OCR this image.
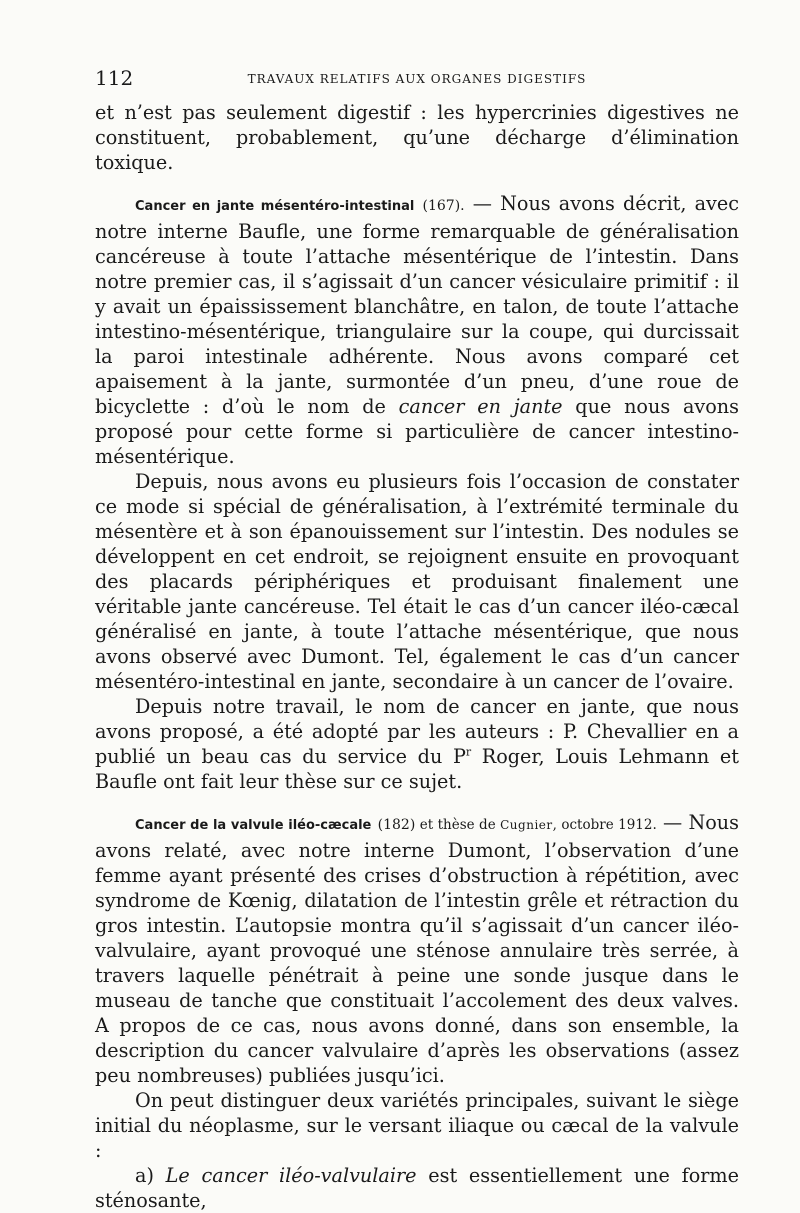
112	TRAVAUX RELATIFS AUX ORGANES DIGESTIFS

et n’est pas seulement digestif : les hypercrinies digestives ne constituent, probablement, qu’une décharge d’élimination toxique.

Cancer en jante mésentéro-intestinal (167). — Nous avons décrit, avec notre interne Baufle, une forme remarquable de généralisation cancéreuse à toute l’attache mésentérique de l’intestin. Dans notre premier cas, il s’agissait d’un cancer vésiculaire primitif : il y avait un épaississement blanchâtre, en talon, de toute l’attache intestino-mésentérique, triangulaire sur la coupe, qui durcissait la paroi intestinale adhérente. Nous avons comparé cet apaisement à la jante, surmontée d’un pneu, d’une roue de bicyclette : d’où le nom de cancer en jante que nous avons proposé pour cette forme si particulière de cancer intestino-mésentérique.

Depuis, nous avons eu plusieurs fois l’occasion de constater ce mode si spécial de généralisation, à l’extrémité terminale du mésentère et à son épanouissement sur l’intestin. Des nodules se développent en cet endroit, se rejoignent ensuite en provoquant des placards périphériques et produisant finalement une véritable jante cancéreuse. Tel était le cas d’un cancer iléo-cæcal généralisé en jante, à toute l’attache mésentérique, que nous avons observé avec Dumont. Tel, également le cas d’un cancer mésentéro-intestinal en jante, secondaire à un cancer de l’ovaire.

Depuis notre travail, le nom de cancer en jante, que nous avons proposé, a été adopté par les auteurs : P. Chevallier en a publié un beau cas du service du $P^r$ Roger, Louis Lehmann et Baufle ont fait leur thèse sur ce sujet.

Cancer de la valvule iléo-cæcale (182) et thèse de Cugnier, octobre 1912. — Nous avons relaté, avec notre interne Dumont, l’observation d’une femme ayant présenté des crises d’obstruction à répétition, avec syndrome de Kœnig, dilatation de l’intestin grêle et rétraction du gros intestin. L’autopsie montra qu’il s’agissait d’un cancer iléo-valvulaire, ayant provoqué une sténose annulaire très serrée, à travers laquelle pénétrait à peine une sonde jusque dans le museau de tanche que constituait l’accolement des deux valves. A propos de ce cas, nous avons donné, dans son ensemble, la description du cancer valvulaire d’après les observations (assez peu nombreuses) publiées jusqu’ici.

On peut distinguer deux variétés principales, suivant le siège initial du néoplasme, sur le versant iliaque ou cæcal de la valvule :

a) Le cancer iléo-valvulaire est essentiellement une forme sténosante,
